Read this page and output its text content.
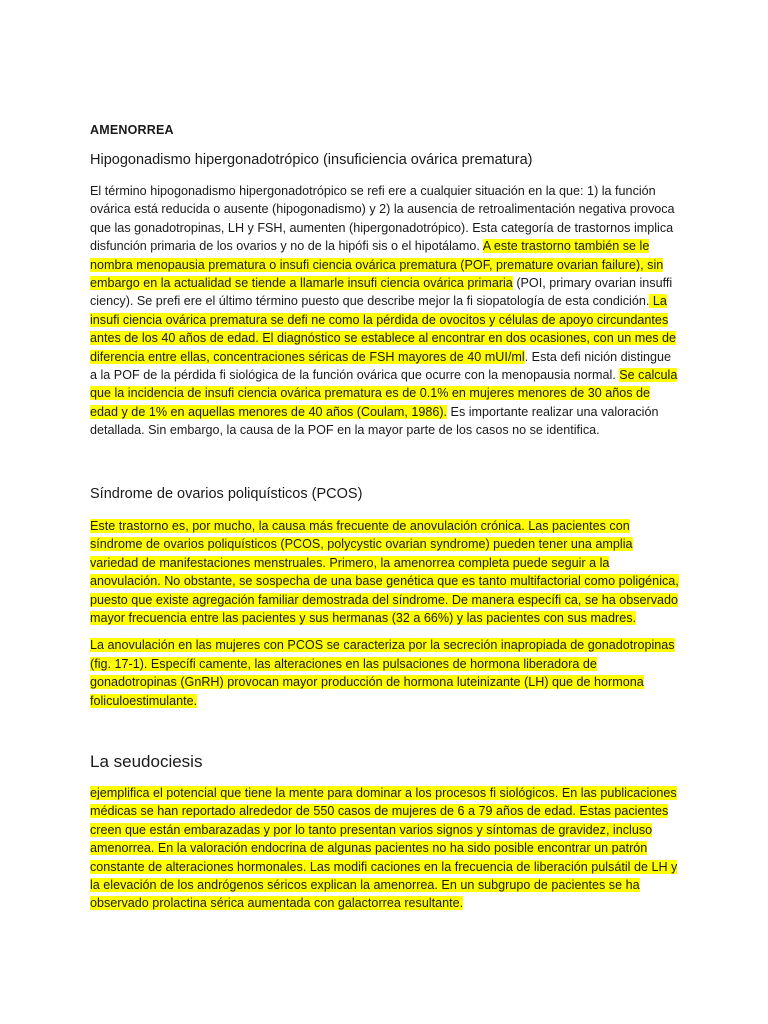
AMENORREA
Hipogonadismo hipergonadotrópico (insuficiencia ovárica prematura)

El término hipogonadismo hipergonadotrópico se refi ere a cualquier situación en la que: 1) la función ovárica está reducida o ausente (hipogonadismo) y 2) la ausencia de retroalimentación negativa provoca que las gonadotropinas, LH y FSH, aumenten (hipergonadotrópico). Esta categoría de trastornos implica disfunción primaria de los ovarios y no de la hipófi sis o el hipotálamo. A este trastorno también se le nombra menopausia prematura o insufi ciencia ovárica prematura (POF, premature ovarian failure), sin embargo en la actualidad se tiende a llamarle insufi ciencia ovárica primaria (POI, primary ovarian insuffi ciency). Se prefi ere el último término puesto que describe mejor la fi siopatología de esta condición. La insufi ciencia ovárica prematura se defi ne como la pérdida de ovocitos y células de apoyo circundantes antes de los 40 años de edad. El diagnóstico se establece al encontrar en dos ocasiones, con un mes de diferencia entre ellas, concentraciones séricas de FSH mayores de 40 mUI/ml. Esta defi nición distingue a la POF de la pérdida fi siológica de la función ovárica que ocurre con la menopausia normal. Se calcula que la incidencia de insufi ciencia ovárica prematura es de 0.1% en mujeres menores de 30 años de edad y de 1% en aquellas menores de 40 años (Coulam, 1986). Es importante realizar una valoración detallada. Sin embargo, la causa de la POF en la mayor parte de los casos no se identifica.

Síndrome de ovarios poliquísticos (PCOS)

Este trastorno es, por mucho, la causa más frecuente de anovulación crónica. Las pacientes con síndrome de ovarios poliquísticos (PCOS, polycystic ovarian syndrome) pueden tener una amplia variedad de manifestaciones menstruales. Primero, la amenorrea completa puede seguir a la anovulación. No obstante, se sospecha de una base genética que es tanto multifactorial como poligénica, puesto que existe agregación familiar demostrada del síndrome. De manera específi ca, se ha observado mayor frecuencia entre las pacientes y sus hermanas (32 a 66%) y las pacientes con sus madres.

La anovulación en las mujeres con PCOS se caracteriza por la secreción inapropiada de gonadotropinas (fig. 17-1). Específi camente, las alteraciones en las pulsaciones de hormona liberadora de gonadotropinas (GnRH) provocan mayor producción de hormona luteinizante (LH) que de hormona foliculoestimulante.

La seudociesis

ejemplifica el potencial que tiene la mente para dominar a los procesos fi siológicos. En las publicaciones médicas se han reportado alrededor de 550 casos de mujeres de 6 a 79 años de edad. Estas pacientes creen que están embarazadas y por lo tanto presentan varios signos y síntomas de gravidez, incluso amenorrea. En la valoración endocrina de algunas pacientes no ha sido posible encontrar un patrón constante de alteraciones hormonales. Las modifi caciones en la frecuencia de liberación pulsátil de LH y la elevación de los andrógenos séricos explican la amenorrea. En un subgrupo de pacientes se ha observado prolactina sérica aumentada con galactorrea resultante.
